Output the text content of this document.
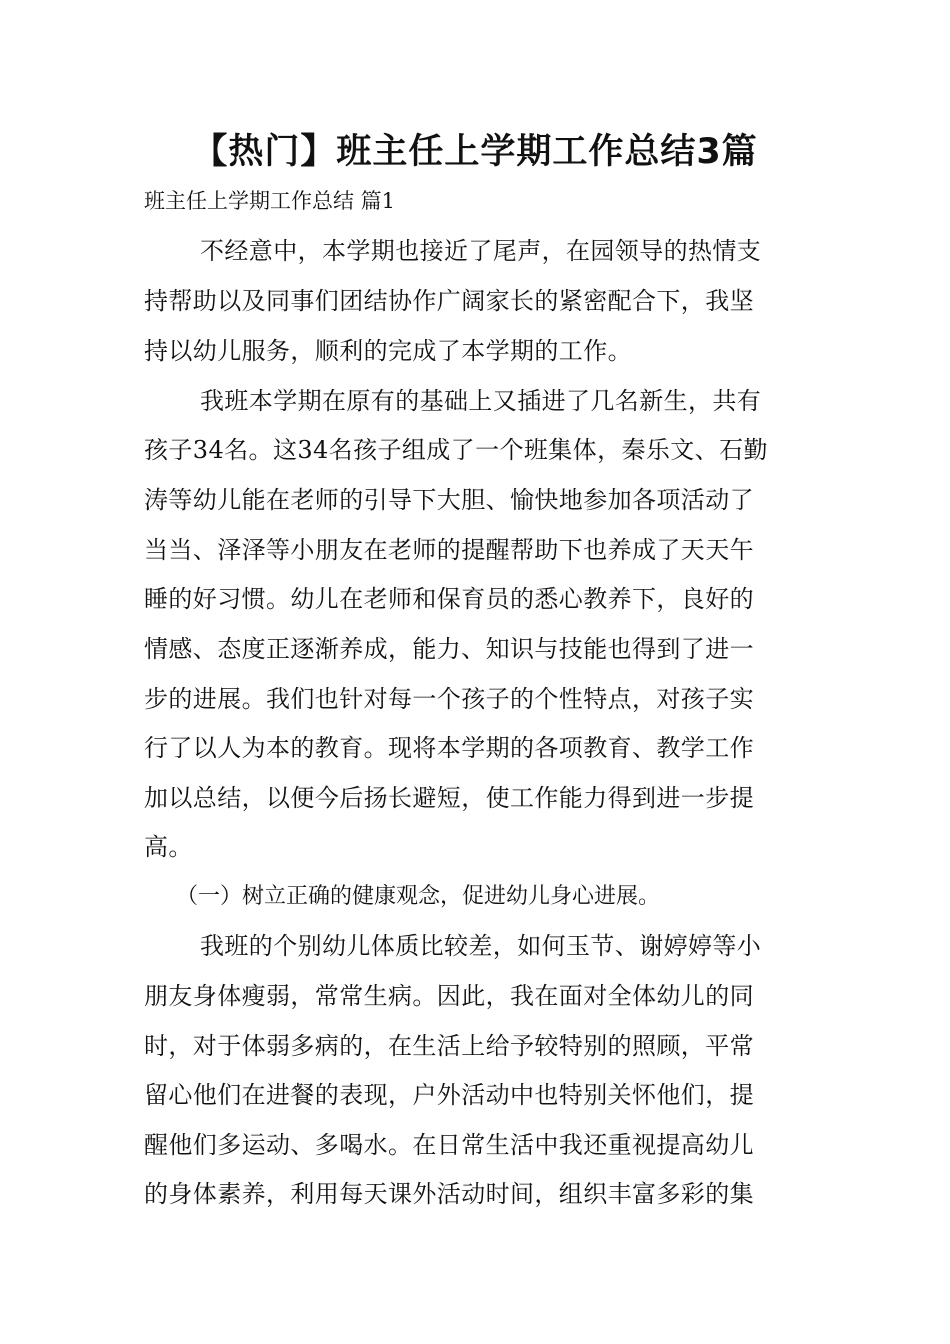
【热门】班主任上学期工作总结3篇
班主任上学期工作总结 篇1
不经意中，本学期也接近了尾声，在园领导的热情支
持帮助以及同事们团结协作广阔家长的紧密配合下，我坚
持以幼儿服务，顺利的完成了本学期的工作。
我班本学期在原有的基础上又插进了几名新生，共有
孩子34名。这34名孩子组成了一个班集体，秦乐文、石勤
涛等幼儿能在老师的引导下大胆、愉快地参加各项活动了
当当、泽泽等小朋友在老师的提醒帮助下也养成了天天午
睡的好习惯。幼儿在老师和保育员的悉心教养下，良好的
情感、态度正逐渐养成，能力、知识与技能也得到了进一
步的进展。我们也针对每一个孩子的个性特点，对孩子实
行了以人为本的教育。现将本学期的各项教育、教学工作
加以总结，以便今后扬长避短，使工作能力得到进一步提
高。
（一）树立正确的健康观念，促进幼儿身心进展。
我班的个别幼儿体质比较差，如何玉节、谢婷婷等小
朋友身体瘦弱，常常生病。因此，我在面对全体幼儿的同
时，对于体弱多病的，在生活上给予较特别的照顾，平常
留心他们在进餐的表现，户外活动中也特别关怀他们，提
醒他们多运动、多喝水。在日常生活中我还重视提高幼儿
的身体素养，利用每天课外活动时间，组织丰富多彩的集
